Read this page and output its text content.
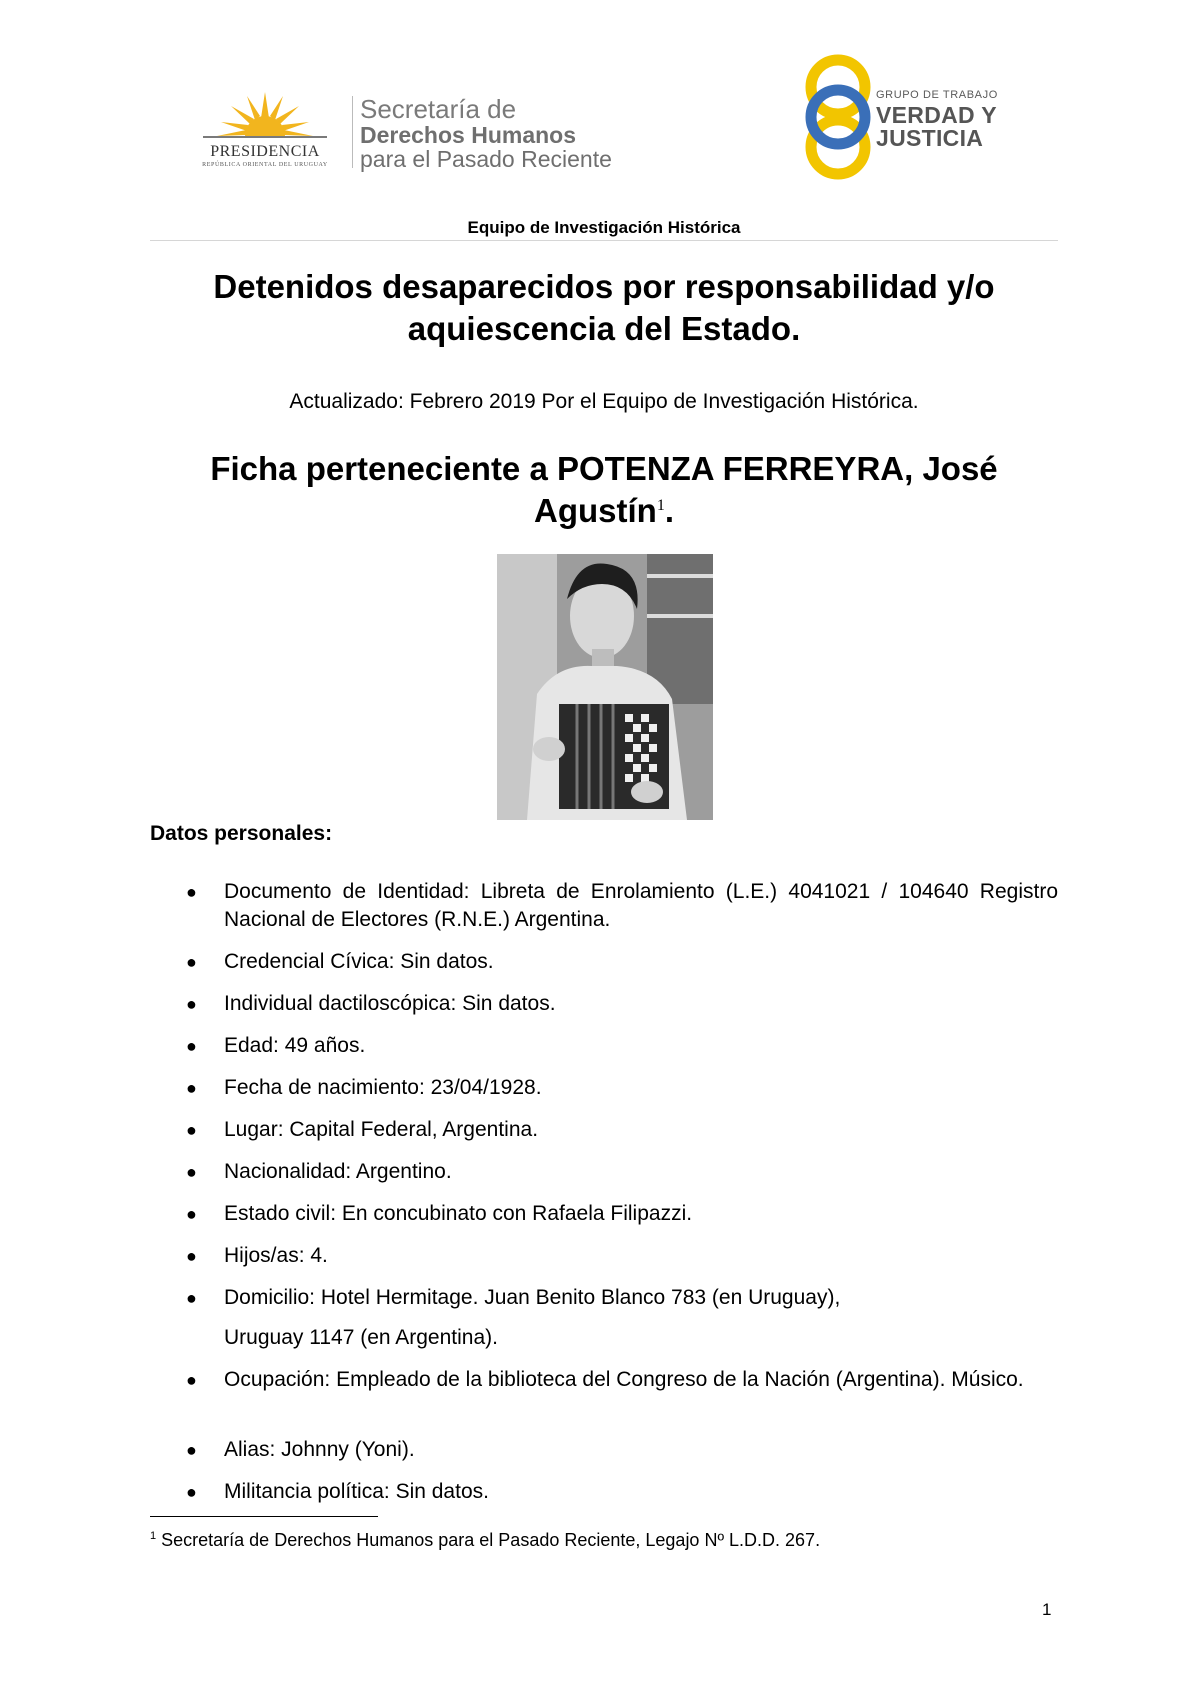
PRESIDENCIA
REPÚBLICA ORIENTAL DEL URUGUAY
Secretaría de
Derechos Humanos
para el Pasado Reciente
GRUPO DE TRABAJO
VERDAD Y
JUSTICIA
Equipo de Investigación Histórica
Detenidos desaparecidos por responsabilidad y/o
aquiescencia del Estado.
Actualizado: Febrero 2019 Por el Equipo de Investigación Histórica.
Ficha perteneciente a POTENZA FERREYRA, José
Agustín$^1$.
Datos personales:
● Documento de Identidad: Libreta de Enrolamiento (L.E.) 4041021 / 104640 Registro Nacional de Electores (R.N.E.) Argentina.
● Credencial Cívica: Sin datos.
● Individual dactiloscópica: Sin datos.
● Edad: 49 años.
● Fecha de nacimiento: 23/04/1928.
● Lugar: Capital Federal, Argentina.
● Nacionalidad: Argentino.
● Estado civil: En concubinato con Rafaela Filipazzi.
● Hijos/as: 4.
● Domicilio: Hotel Hermitage. Juan Benito Blanco 783 (en Uruguay),
Uruguay 1147 (en Argentina).
● Ocupación: Empleado de la biblioteca del Congreso de la Nación (Argentina). Músico.
● Alias: Johnny (Yoni).
● Militancia política: Sin datos.
$^1$ Secretaría de Derechos Humanos para el Pasado Reciente, Legajo Nº L.D.D. 267.
1
